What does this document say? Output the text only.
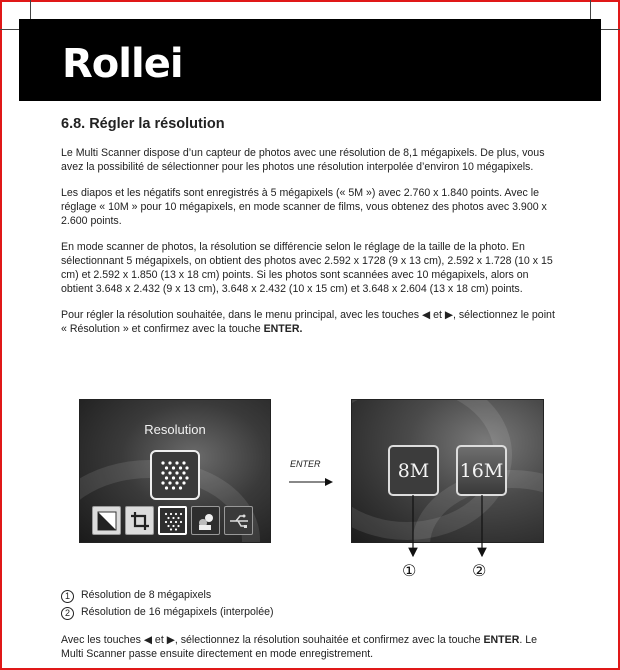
Rollei
6.8. Régler la résolution

Le Multi Scanner dispose d’un capteur de photos avec une résolution de 8,1 mégapixels. De plus, vous avez la possibilité de sélectionner pour les photos une résolution interpolée d’environ 10 mégapixels.

Les diapos et les négatifs sont enregistrés à 5 mégapixels (« 5M ») avec 2.760 x 1.840 points. Avec le réglage « 10M » pour 10 mégapixels, en mode scanner de films, vous obtenez des photos avec 3.900 x 2.600 points.

En mode scanner de photos, la résolution se différencie selon le réglage de la taille de la photo. En sélectionnant 5 mégapixels, on obtient des photos avec 2.592 x 1728 (9 x 13 cm), 2.592 x 1.728 (10 x 15 cm) et 2.592 x 1.850 (13 x 18 cm) points. Si les photos sont scannées avec 10 mégapixels, alors on obtient 3.648 x 2.432 (9 x 13 cm), 3.648 x 2.432 (10 x 15 cm) et 3.648 x 2.604 (13 x 18 cm) points.

Pour régler la résolution souhaitée, dans le menu principal, avec les touches ◀ et ▶, sélectionnez le point « Résolution » et confirmez avec la touche ENTER.

Resolution
ENTER	8M	16M
①	②
1 Résolution de 8 mégapixels
2 Résolution de 16 mégapixels (interpolée)

Avec les touches ◀ et ▶, sélectionnez la résolution souhaitée et confirmez avec la touche ENTER. Le Multi Scanner passe ensuite directement en mode enregistrement.
